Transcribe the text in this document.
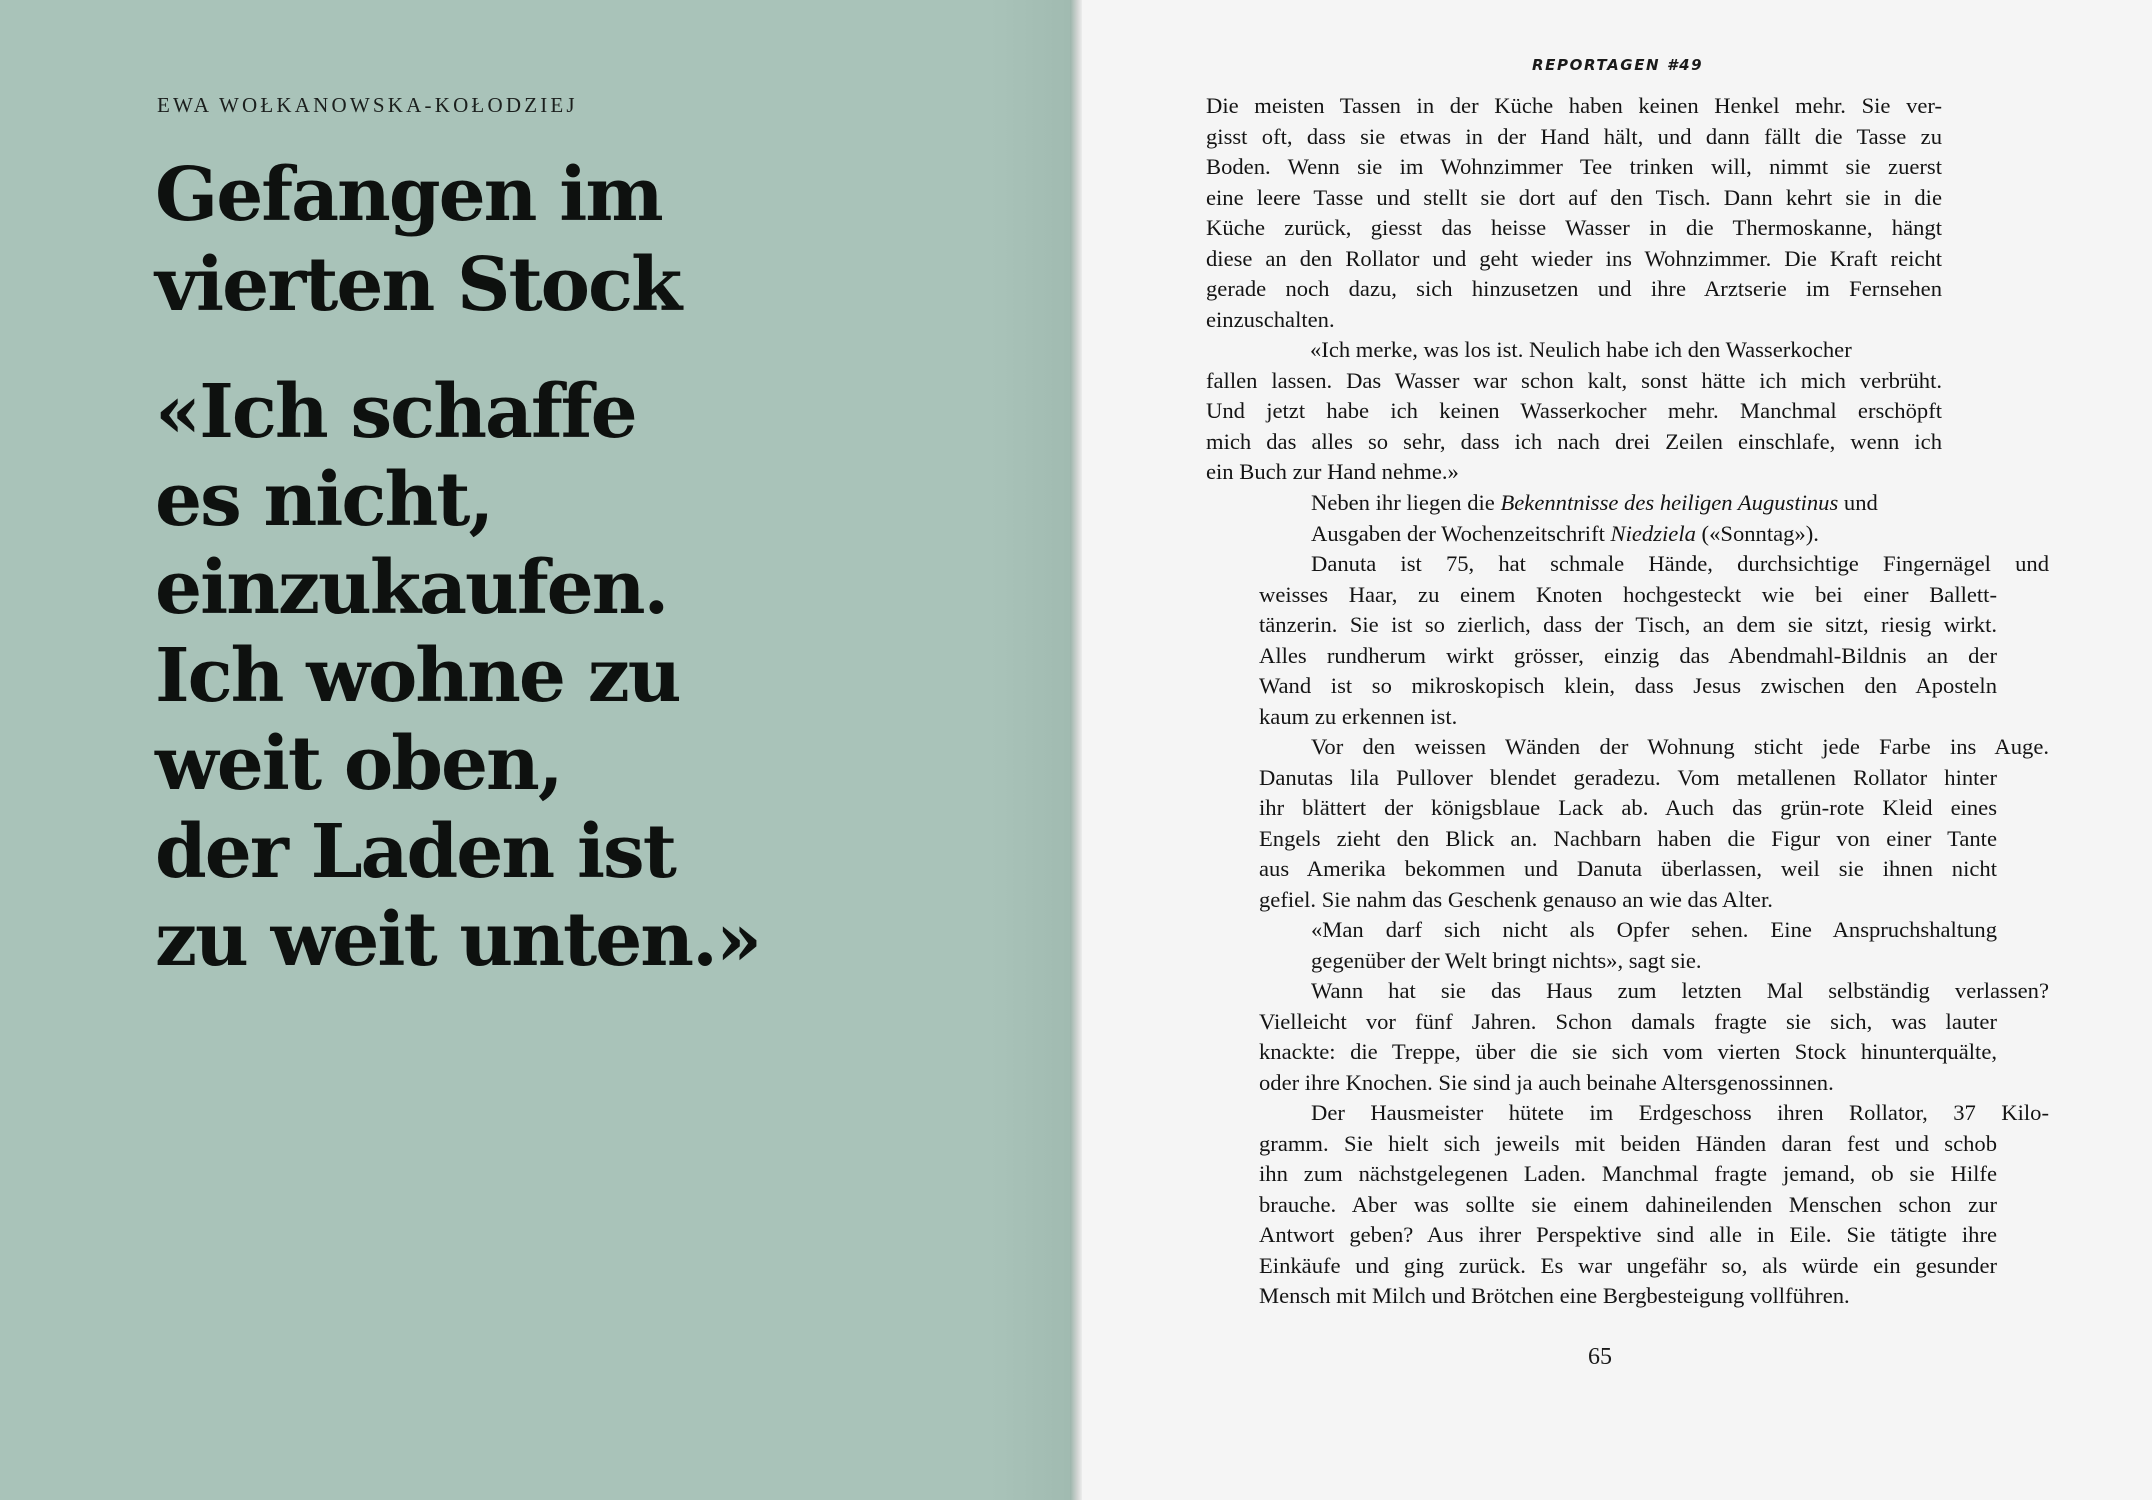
EWA WOŁKANOWSKA-KOŁODZIEJ

Gefangen im
vierten Stock
«Ich schaffe
es nicht,
einzukaufen.
Ich wohne zu
weit oben,
der Laden ist
zu weit unten.»

REPORTAGEN #49

Die meisten Tassen in der Küche haben keinen Henkel mehr. Sie ver-
gisst oft, dass sie etwas in der Hand hält, und dann fällt die Tasse zu
Boden. Wenn sie im Wohnzimmer Tee trinken will, nimmt sie zuerst
eine leere Tasse und stellt sie dort auf den Tisch. Dann kehrt sie in die
Küche zurück, giesst das heisse Wasser in die Thermoskanne, hängt
diese an den Rollator und geht wieder ins Wohnzimmer. Die Kraft reicht
gerade noch dazu, sich hinzusetzen und ihre Arztserie im Fernsehen
einzuschalten.
«Ich merke, was los ist. Neulich habe ich den Wasserkocher
fallen lassen. Das Wasser war schon kalt, sonst hätte ich mich verbrüht.
Und jetzt habe ich keinen Wasserkocher mehr. Manchmal erschöpft
mich das alles so sehr, dass ich nach drei Zeilen einschlafe, wenn ich
ein Buch zur Hand nehme.»
Neben ihr liegen die Bekenntnisse des heiligen Augustinus und
Ausgaben der Wochenzeitschrift Niedziela («Sonntag»).
Danuta ist 75, hat schmale Hände, durchsichtige Fingernägel und
weisses Haar, zu einem Knoten hochgesteckt wie bei einer Ballett-
tänzerin. Sie ist so zierlich, dass der Tisch, an dem sie sitzt, riesig wirkt.
Alles rundherum wirkt grösser, einzig das Abendmahl-Bildnis an der
Wand ist so mikroskopisch klein, dass Jesus zwischen den Aposteln
kaum zu erkennen ist.
Vor den weissen Wänden der Wohnung sticht jede Farbe ins Auge.
Danutas lila Pullover blendet geradezu. Vom metallenen Rollator hinter
ihr blättert der königsblaue Lack ab. Auch das grün-rote Kleid eines
Engels zieht den Blick an. Nachbarn haben die Figur von einer Tante
aus Amerika bekommen und Danuta überlassen, weil sie ihnen nicht
gefiel. Sie nahm das Geschenk genauso an wie das Alter.
«Man darf sich nicht als Opfer sehen. Eine Anspruchshaltung
gegenüber der Welt bringt nichts», sagt sie.
Wann hat sie das Haus zum letzten Mal selbständig verlassen?
Vielleicht vor fünf Jahren. Schon damals fragte sie sich, was lauter
knackte: die Treppe, über die sie sich vom vierten Stock hinunterquälte,
oder ihre Knochen. Sie sind ja auch beinahe Altersgenossinnen.
Der Hausmeister hütete im Erdgeschoss ihren Rollator, 37 Kilo-
gramm. Sie hielt sich jeweils mit beiden Händen daran fest und schob
ihn zum nächstgelegenen Laden. Manchmal fragte jemand, ob sie Hilfe
brauche. Aber was sollte sie einem dahineilenden Menschen schon zur
Antwort geben? Aus ihrer Perspektive sind alle in Eile. Sie tätigte ihre
Einkäufe und ging zurück. Es war ungefähr so, als würde ein gesunder
Mensch mit Milch und Brötchen eine Bergbesteigung vollführen.

65
